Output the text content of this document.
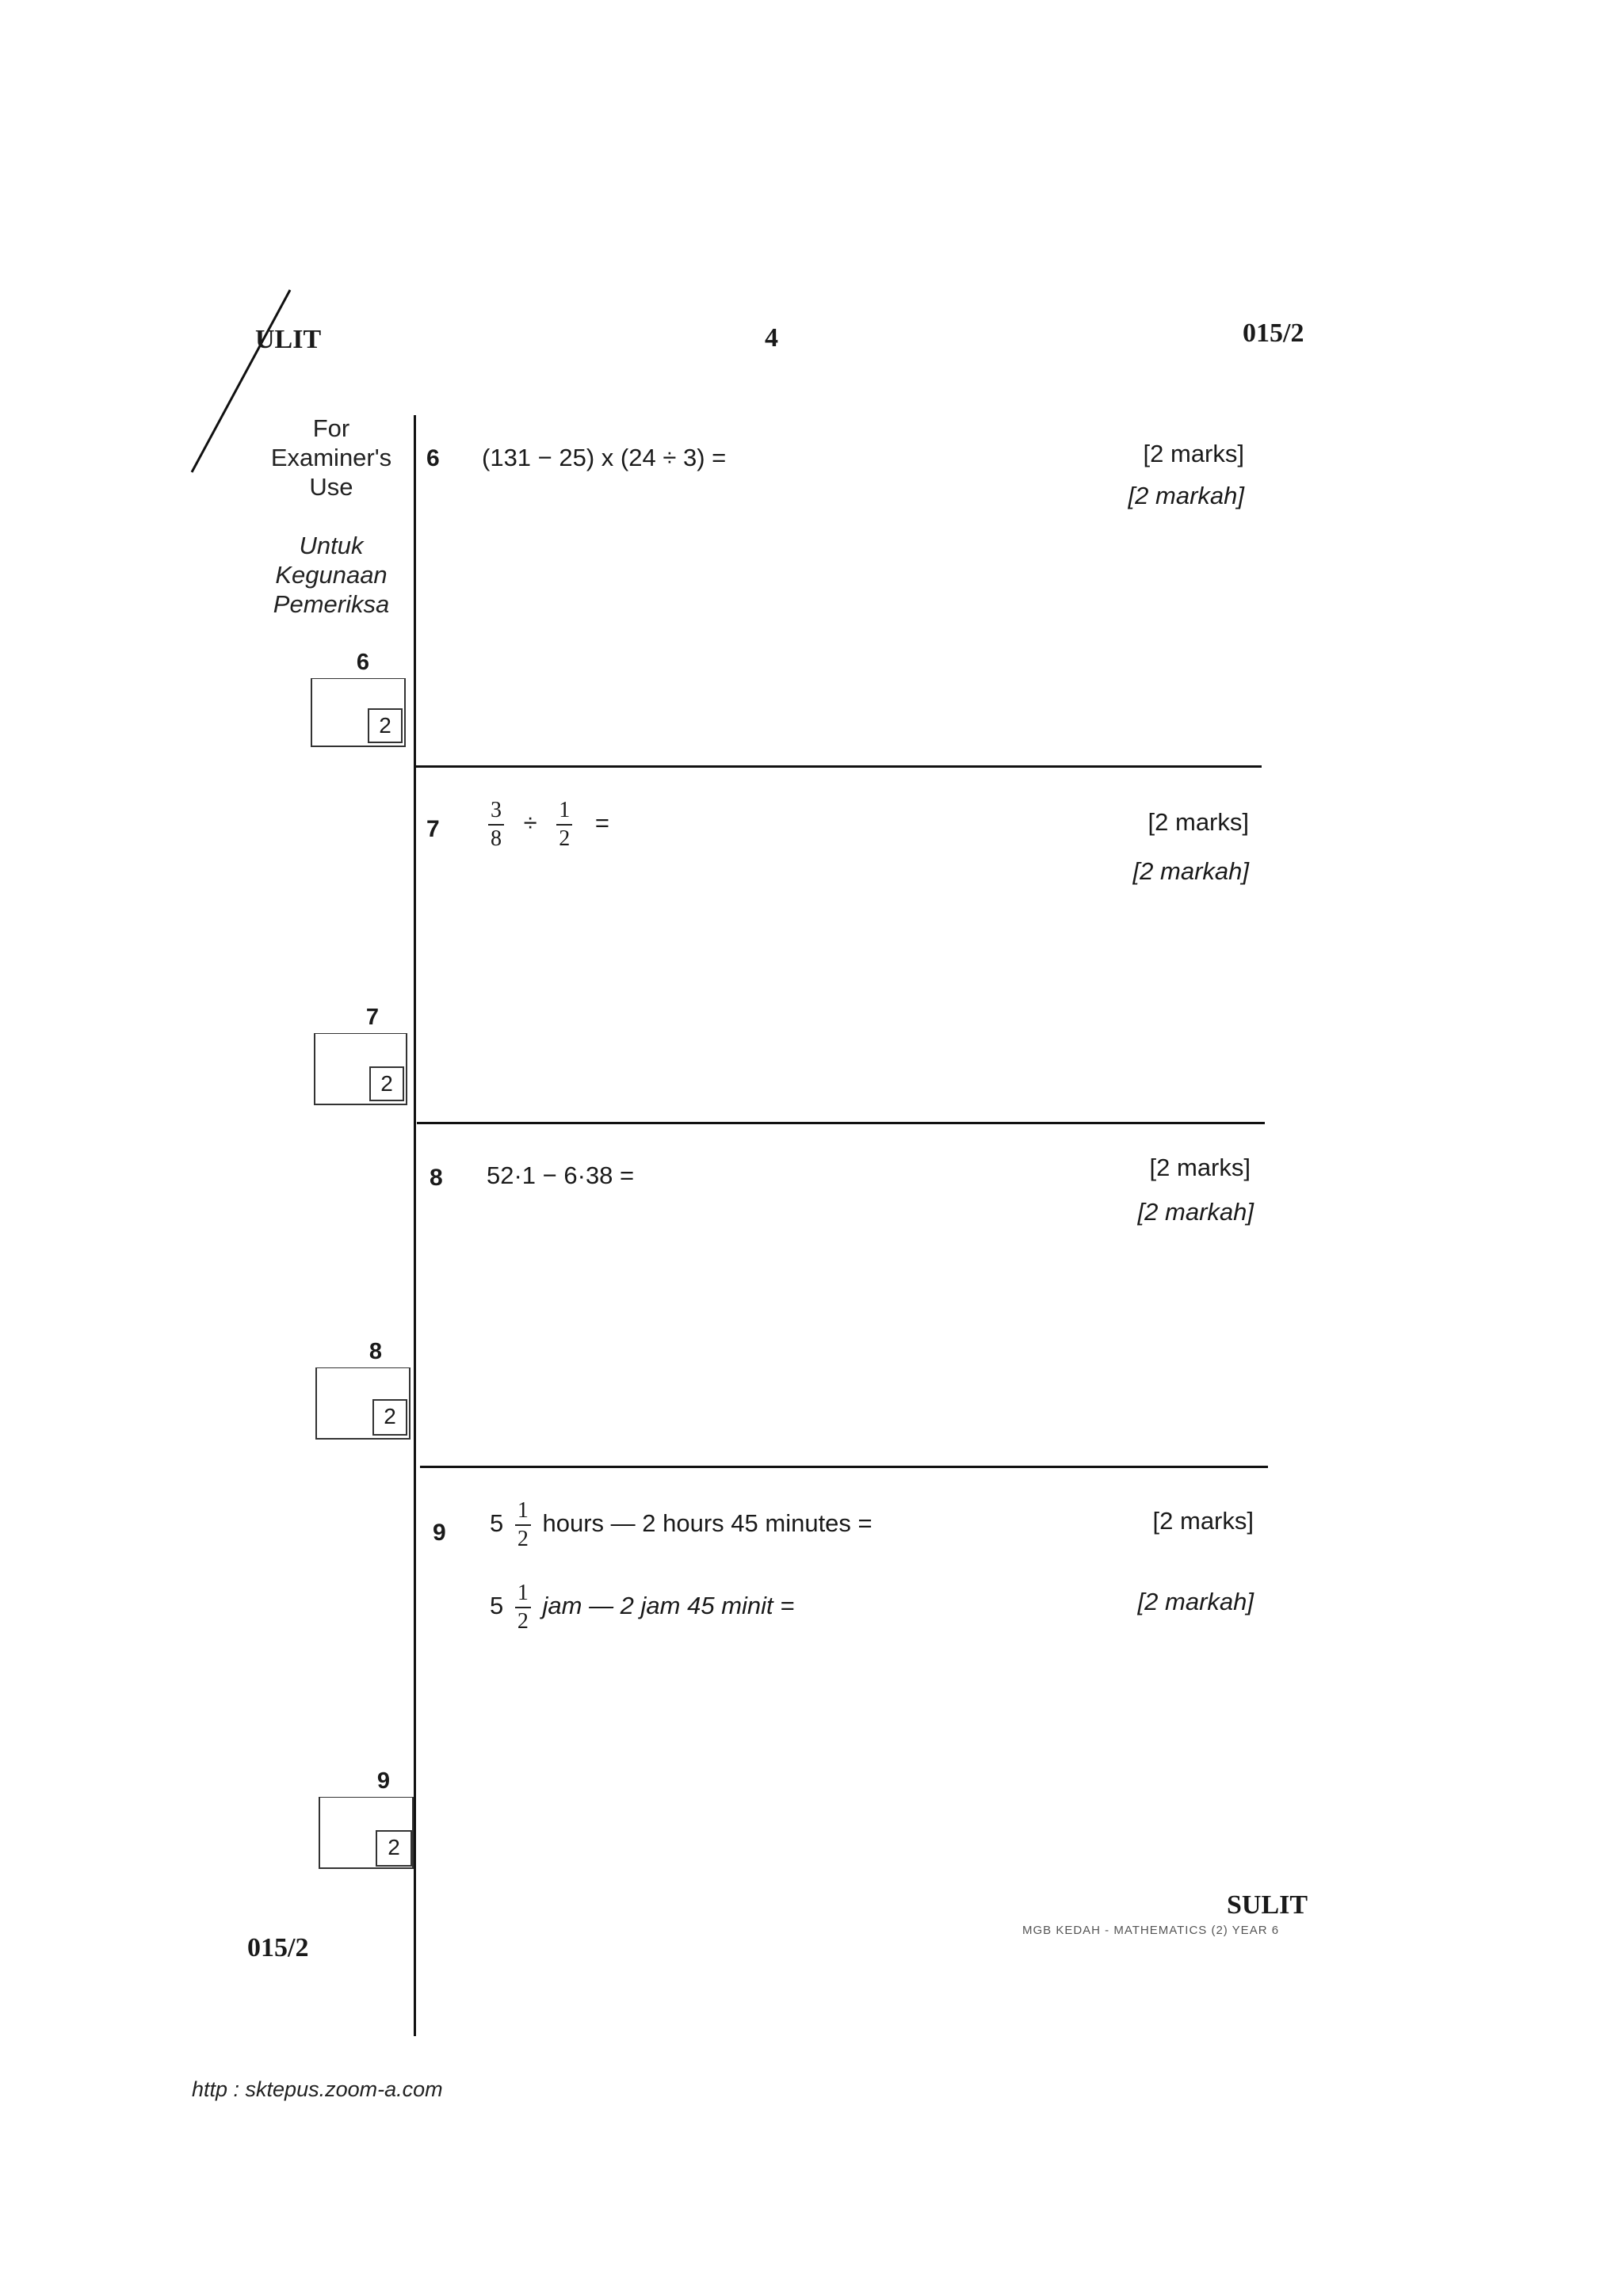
ULIT	4	015/2
For
Examiner's
Use
Untuk
Kegunaan
Pemeriksa
6 (131 − 25) x (24 ÷ 3) =	[2 marks]
[2 markah]
6
2
$7 \frac{3}{8} \div \frac{1}{2}$ =	[2 marks]
[2 markah]
7
2
8 52·1 − 6·38 =	[2 marks]
[2 markah]
8
2
9 $5 \frac{1}{2}$ hours — 2 hours 45 minutes =
$5 \frac{1}{2}$ jam — 2 jam 45 minit =
[2 marks]
[2 markah]
9
2
SULIT
MGB KEDAH - MATHEMATICS (2) YEAR 6
015/2
http : sktepus.zoom-a.com
